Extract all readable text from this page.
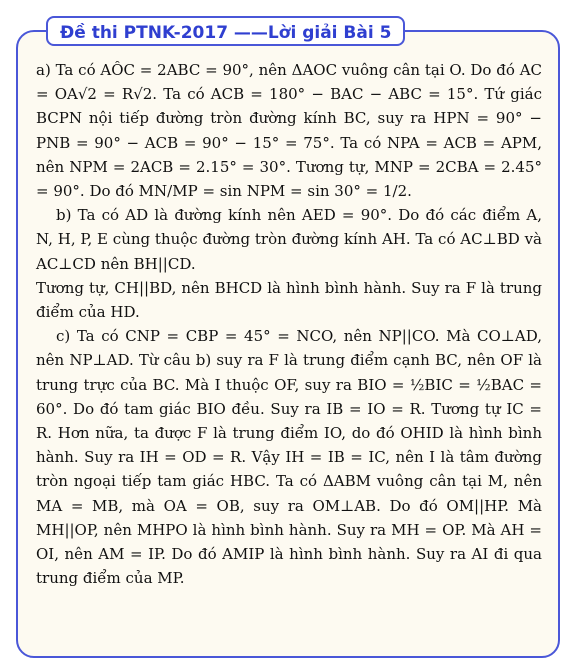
Đề thi PTNK-2017 ——Lời giải Bài 5

a) Ta có AÔC = 2ABC = 90°, nên ΔAOC vuông cân tại O. Do đó AC = OA√2 = R√2. Ta có ACB = 180° − BAC − ABC = 15°. Tứ giác BCPN nội tiếp đường tròn đường kính BC, suy ra HPN = 90° − PNB = 90° − ACB = 90° − 15° = 75°. Ta có NPA = ACB = APM, nên NPM = 2ACB = 2.15° = 30°. Tương tự, MNP = 2CBA = 2.45° = 90°. Do đó MN/MP = sin NPM = sin 30° = 1/2.

b) Ta có AD là đường kính nên AED = 90°. Do đó các điểm A, N, H, P, E cùng thuộc đường tròn đường kính AH. Ta có AC⊥BD và AC⊥CD nên BH||CD.

Tương tự, CH||BD, nên BHCD là hình bình hành. Suy ra F là trung điểm của HD.

c) Ta có CNP = CBP = 45° = NCO, nên NP||CO. Mà CO⊥AD, nên NP⊥AD. Từ câu b) suy ra F là trung điểm cạnh BC, nên OF là trung trực của BC. Mà I thuộc OF, suy ra BIO = ½BIC = ½BAC = 60°. Do đó tam giác BIO đều. Suy ra IB = IO = R. Tương tự IC = R. Hơn nữa, ta được F là trung điểm IO, do đó OHID là hình bình hành. Suy ra IH = OD = R. Vậy IH = IB = IC, nên I là tâm đường tròn ngoại tiếp tam giác HBC. Ta có ΔABM vuông cân tại M, nên MA = MB, mà OA = OB, suy ra OM⊥AB. Do đó OM||HP. Mà MH||OP, nên MHPO là hình bình hành. Suy ra MH = OP. Mà AH = OI, nên AM = IP. Do đó AMIP là hình bình hành. Suy ra AI đi qua trung điểm của MP.
